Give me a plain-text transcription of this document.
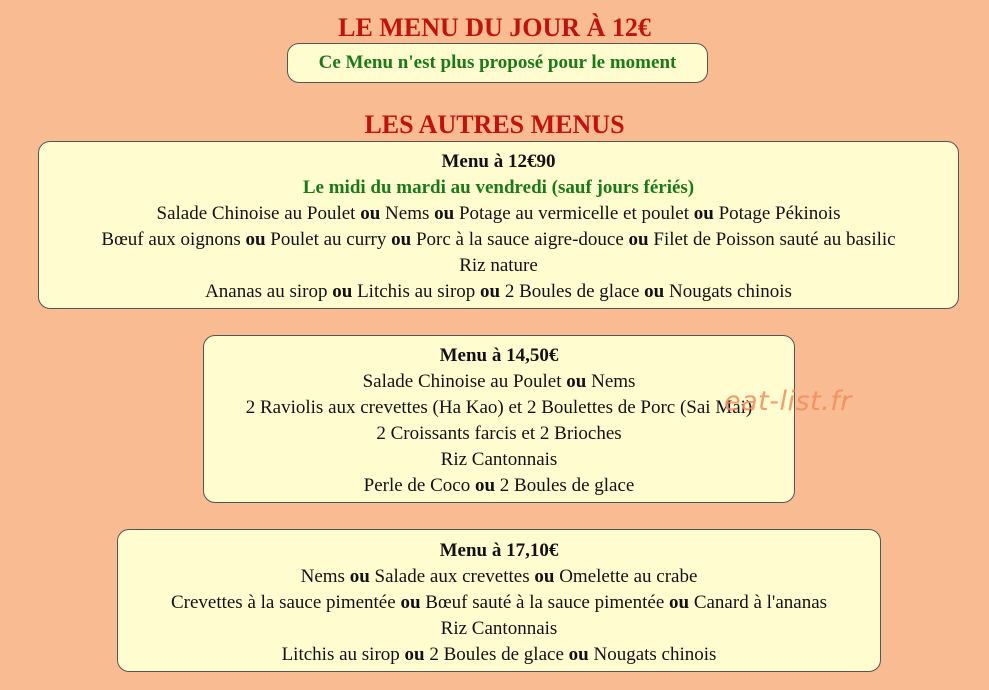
LE MENU DU JOUR À 12€
Ce Menu n'est plus proposé pour le moment
LES AUTRES MENUS
Menu à 12€90
Le midi du mardi au vendredi (sauf jours fériés)
Salade Chinoise au Poulet ou Nems ou Potage au vermicelle et poulet ou Potage Pékinois
Bœuf aux oignons ou Poulet au curry ou Porc à la sauce aigre-douce ou Filet de Poisson sauté au basilic
Riz nature
Ananas au sirop ou Litchis au sirop ou 2 Boules de glace ou Nougats chinois
Menu à 14,50€
Salade Chinoise au Poulet ou Nems
2 Raviolis aux crevettes (Ha Kao) et 2 Boulettes de Porc (Sai Mai)
2 Croissants farcis et 2 Brioches
Riz Cantonnais
Perle de Coco ou 2 Boules de glace
Menu à 17,10€
Nems ou Salade aux crevettes ou Omelette au crabe
Crevettes à la sauce pimentée ou Bœuf sauté à la sauce pimentée ou Canard à l'ananas
Riz Cantonnais
Litchis au sirop ou 2 Boules de glace ou Nougats chinois
eat-list.fr
